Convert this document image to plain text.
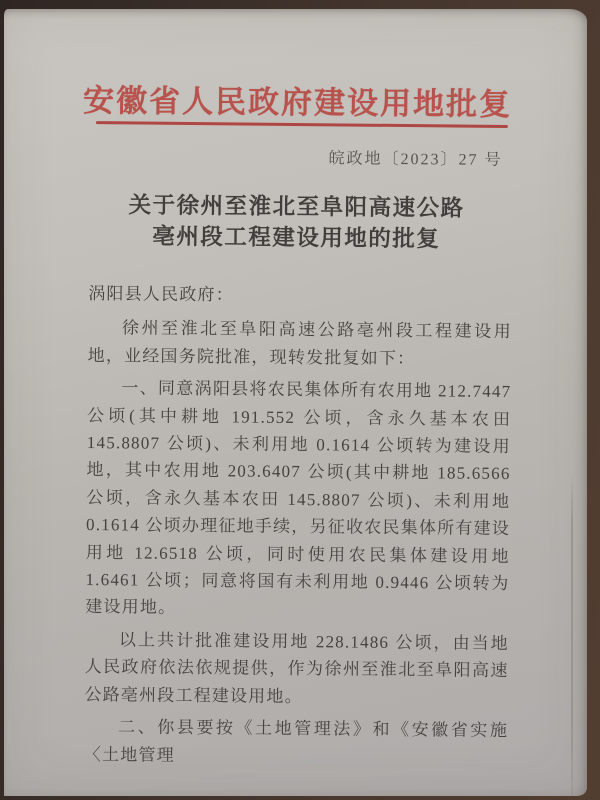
安徽省人民政府建设用地批复
皖政地〔2023〕27 号
关于徐州至淮北至阜阳高速公路
亳州段工程建设用地的批复

涡阳县人民政府：

徐州至淮北至阜阳高速公路亳州段工程建设用地，业经国务院批准，现转发批复如下：

一、同意涡阳县将农民集体所有农用地 212.7447 公顷(其中耕地 191.552 公顷，含永久基本农田 145.8807 公顷)、未利用地 0.1614 公顷转为建设用地，其中农用地 203.6407 公顷(其中耕地 185.6566 公顷，含永久基本农田 145.8807 公顷)、未利用地 0.1614 公顷办理征地手续，另征收农民集体所有建设用地 12.6518 公顷，同时使用农民集体建设用地 1.6461 公顷；同意将国有未利用地 0.9446 公顷转为建设用地。

以上共计批准建设用地 228.1486 公顷，由当地人民政府依法依规提供，作为徐州至淮北至阜阳高速公路亳州段工程建设用地。

二、你县要按《土地管理法》和《安徽省实施〈土地管理
